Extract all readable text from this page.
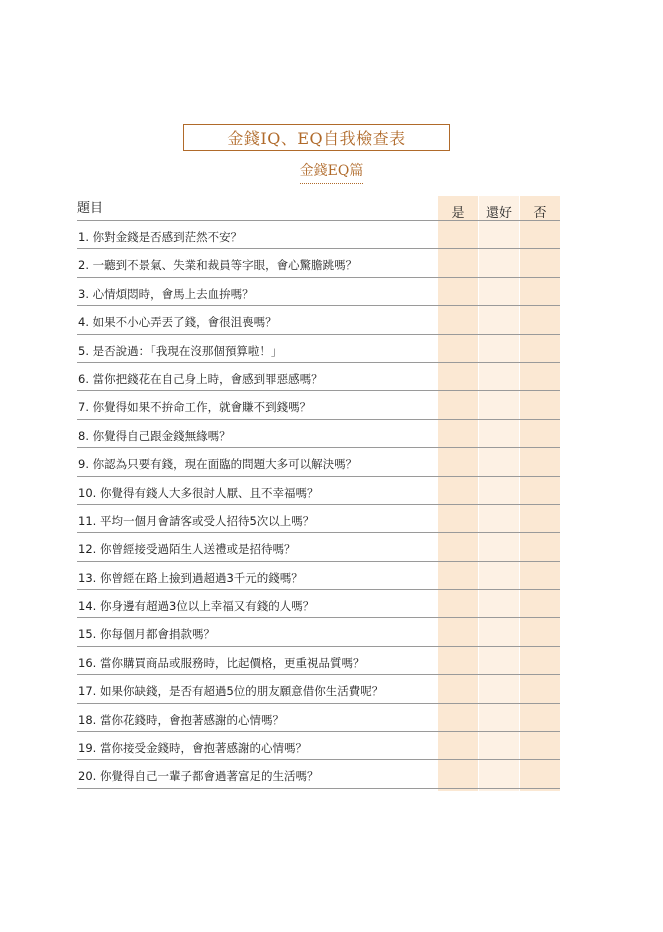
金錢IQ、EQ自我檢查表
金錢EQ篇
題目	是	還好	否
1. 你對金錢是否感到茫然不安？
2. 一聽到不景氣、失業和裁員等字眼，會心驚膽跳嗎？
3. 心情煩悶時，會馬上去血拚嗎？
4. 如果不小心弄丟了錢，會很沮喪嗎？
5. 是否說過：「我現在沒那個預算啦！」
6. 當你把錢花在自己身上時，會感到罪惡感嗎？
7. 你覺得如果不拚命工作，就會賺不到錢嗎？
8. 你覺得自己跟金錢無緣嗎？
9. 你認為只要有錢，現在面臨的問題大多可以解決嗎？
10. 你覺得有錢人大多很討人厭、且不幸福嗎？
11. 平均一個月會請客或受人招待5次以上嗎？
12. 你曾經接受過陌生人送禮或是招待嗎？
13. 你曾經在路上撿到過超過3千元的錢嗎？
14. 你身邊有超過3位以上幸福又有錢的人嗎？
15. 你每個月都會捐款嗎？
16. 當你購買商品或服務時，比起價格，更重視品質嗎？
17. 如果你缺錢，是否有超過5位的朋友願意借你生活費呢？
18. 當你花錢時，會抱著感謝的心情嗎？
19. 當你接受金錢時，會抱著感謝的心情嗎？
20. 你覺得自己一輩子都會過著富足的生活嗎？
